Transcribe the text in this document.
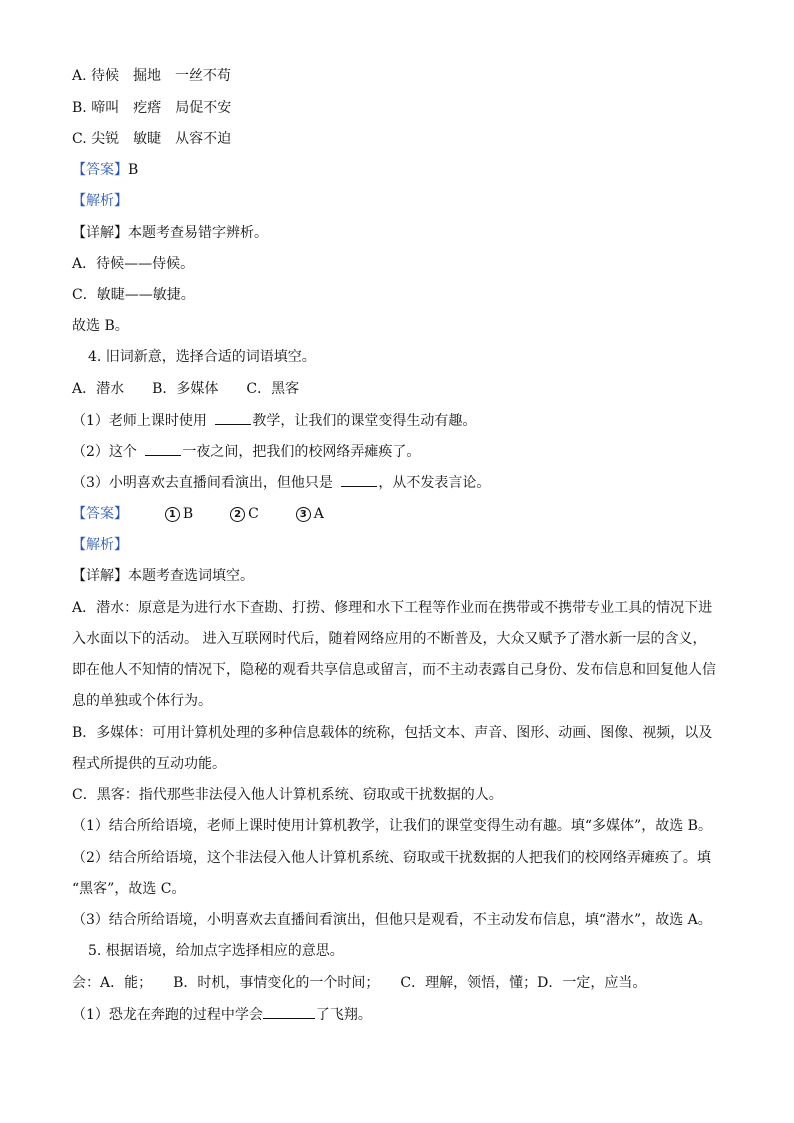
A. 待候　掘地　一丝不苟
B. 啼叫　疙瘩　局促不安
C. 尖锐　敏睫　从容不迫
【答案】B
【解析】
【详解】本题考查易错字辨析。
A．待候——侍候。
C．敏睫——敏捷。
故选 B。
4. 旧词新意，选择合适的词语填空。
A．潜水　　B．多媒体　　C．黑客
（1）老师上课时使用	教学，让我们的课堂变得生动有趣。
（2）这个	一夜之间，把我们的校网络弄瘫痪了。
（3）小明喜欢去直播间看演出，但他只是	，从不发表言论。
【答案】	1 B	2 C	3 A
【解析】
【详解】本题考查选词填空。
A．潜水：原意是为进行水下查勘、打捞、修理和水下工程等作业而在携带或不携带专业工具的情况下进
入水面以下的活动。 进入互联网时代后，随着网络应用的不断普及，大众又赋予了潜水新一层的含义，
即在他人不知情的情况下，隐秘的观看共享信息或留言，而不主动表露自己身份、发布信息和回复他人信
息的单独或个体行为。
B．多媒体：可用计算机处理的多种信息载体的统称，包括文本、声音、图形、动画、图像、视频，以及
程式所提供的互动功能。
C．黑客：指代那些非法侵入他人计算机系统、窃取或干扰数据的人。
（1）结合所给语境，老师上课时使用计算机教学，让我们的课堂变得生动有趣。填“多媒体”，故选 B。
（2）结合所给语境，这个非法侵入他人计算机系统、窃取或干扰数据的人把我们的校网络弄瘫痪了。填
“黑客”，故选 C。
（3）结合所给语境，小明喜欢去直播间看演出，但他只是观看，不主动发布信息，填“潜水”，故选 A。
5. 根据语境，给加点字选择相应的意思。
会：A．能；　　B．时机，事情变化的一个时间；　　C．理解，领悟，懂；D．一定，应当。
（1）恐龙在奔跑的过程中学会	了飞翔。
